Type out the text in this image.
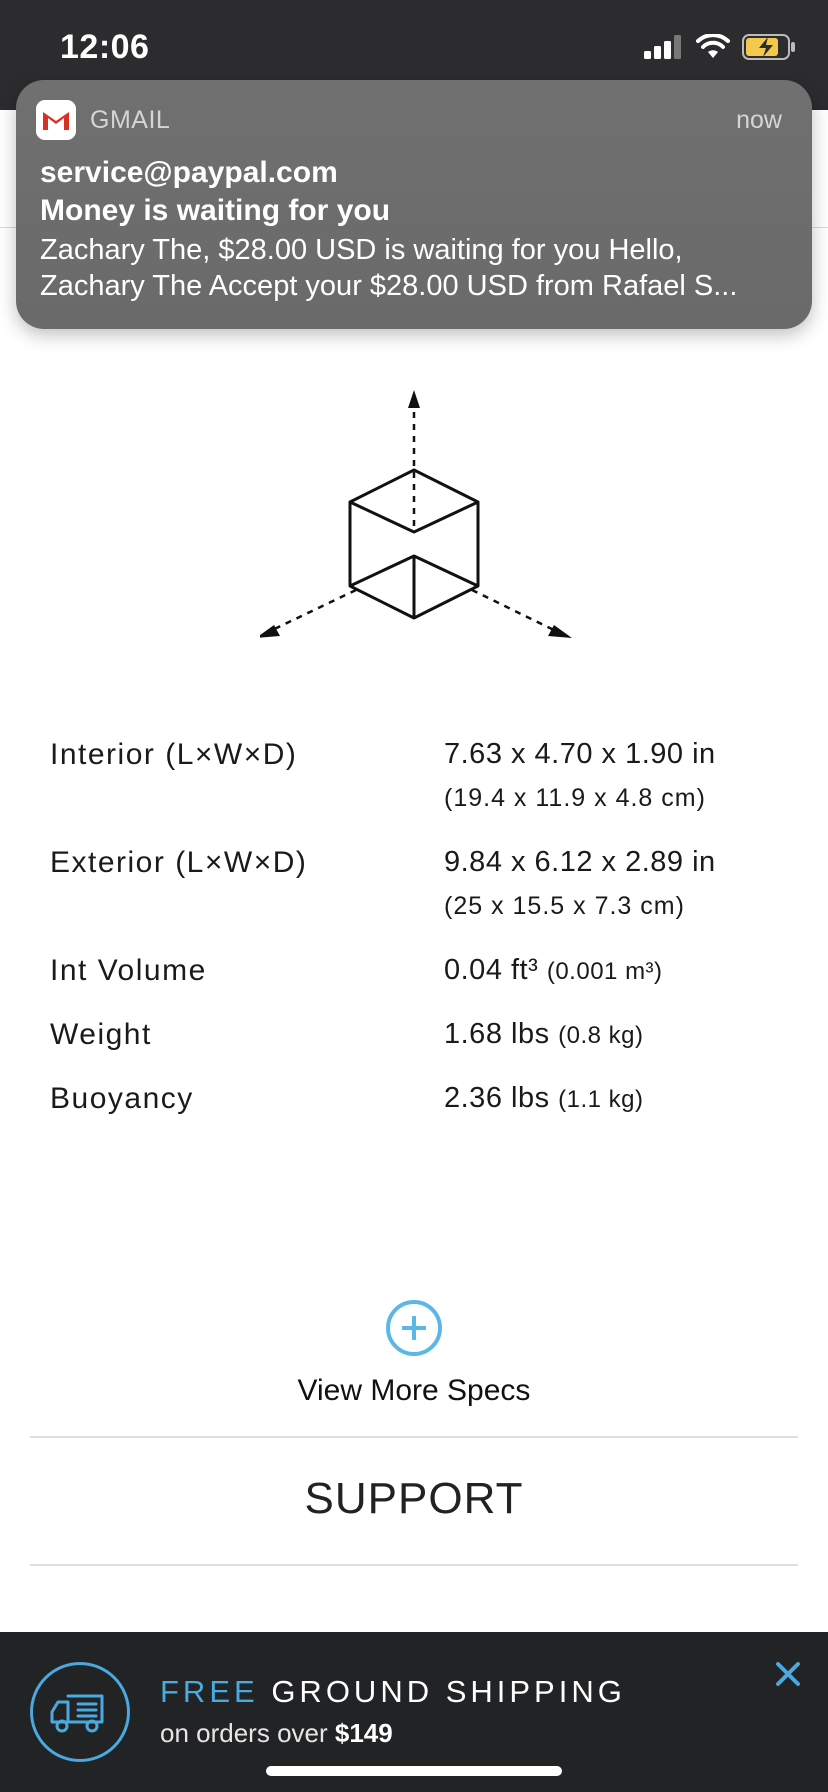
12:06
GMAIL	now
service@paypal.com
Money is waiting for you
Zachary The, $28.00 USD is waiting for you Hello, Zachary The Accept your $28.00 USD from Rafael S...
Interior (L×W×D)	7.63 x 4.70 x 1.90 in
(19.4 x 11.9 x 4.8 cm)
Exterior (L×W×D)	9.84 x 6.12 x 2.89 in
(25 x 15.5 x 7.3 cm)
Int Volume	0.04 ft³ (0.001 m³)
Weight	1.68 lbs (0.8 kg)
Buoyancy	2.36 lbs (1.1 kg)
View More Specs
SUPPORT
FREE GROUND SHIPPING
on orders over $149
